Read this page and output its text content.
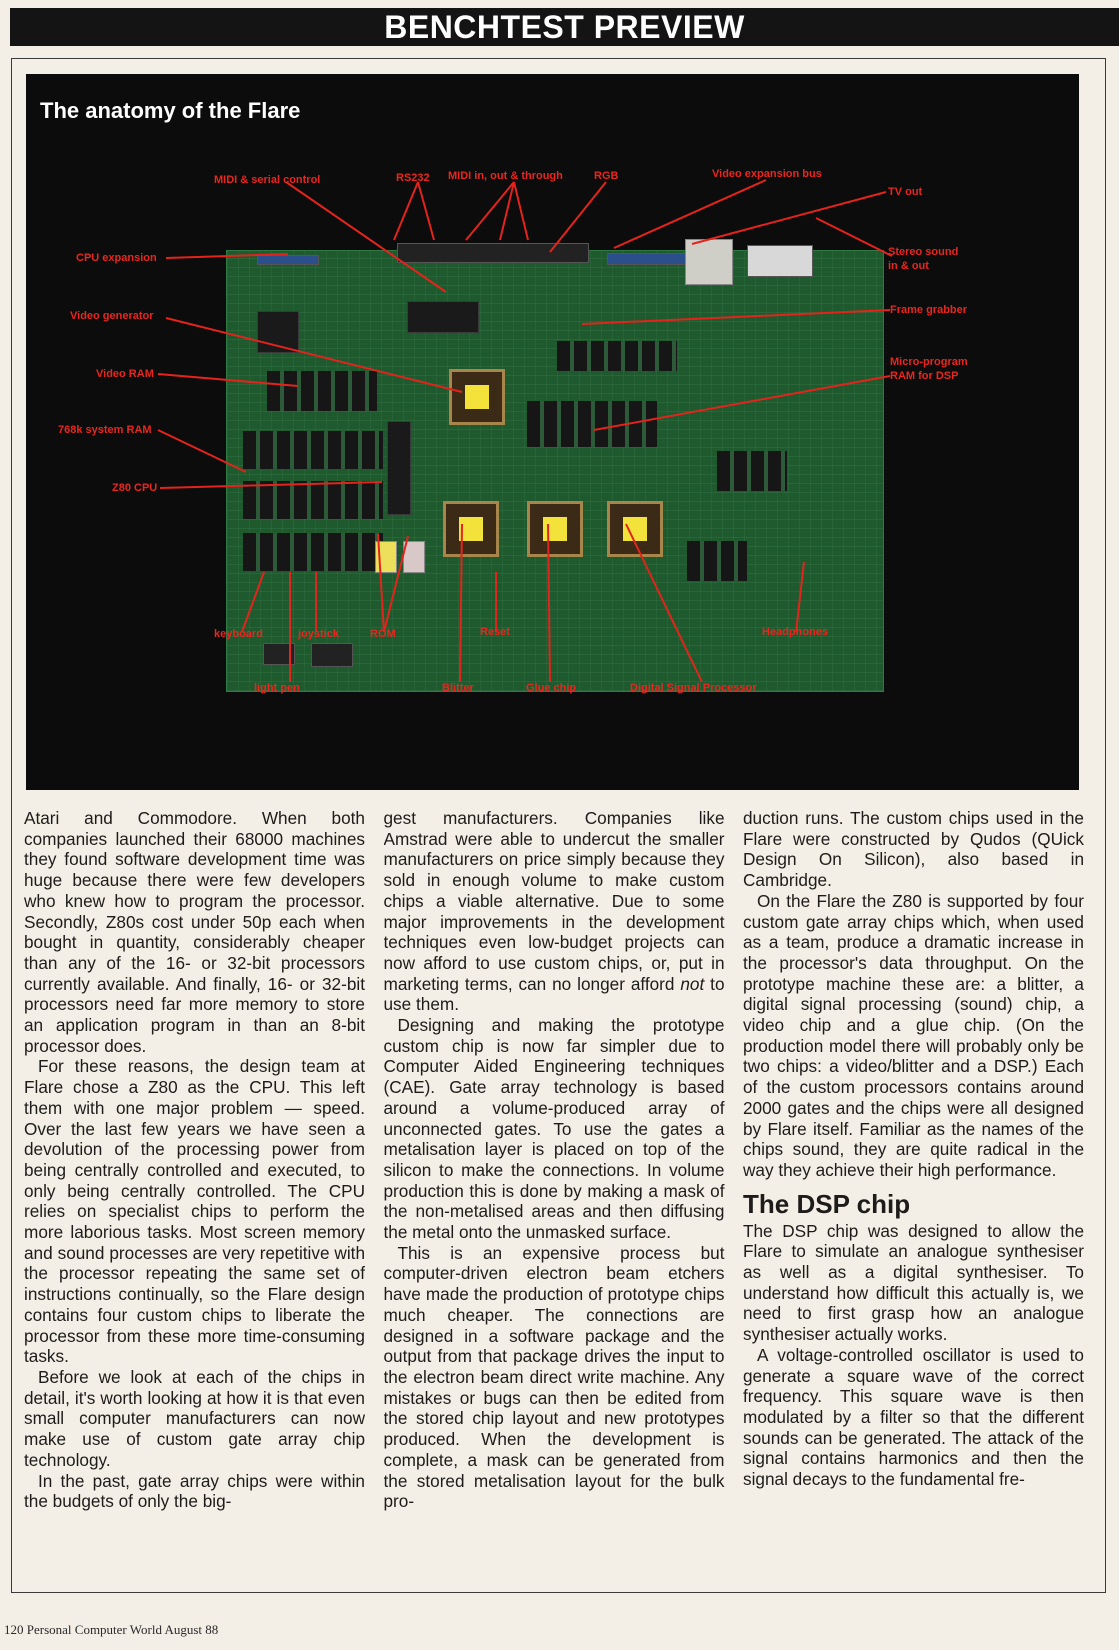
BENCHTEST PREVIEW
The anatomy of the Flare
MIDI & serial control	RS232 MIDI in, out & through	RGB	Video expansion bus
TV out
CPU expansion	Stereo sound
in & out
Video generator	Frame grabber
Video RAM
Micro-program
RAM for DSP
768k system RAM
Z80 CPU
keyboard	joystick	ROM	Reset	Headphones
light pen	Blitter	Glue chip	Digital Signal Processor

Atari and Commodore. When both companies launched their 68000 machines they found software development time was huge because there were few developers who knew how to program the processor. Secondly, Z80s cost under 50p each when bought in quantity, considerably cheaper than any of the 16- or 32-bit processors currently available. And finally, 16- or 32-bit processors need far more memory to store an application program in than an 8-bit processor does.

For these reasons, the design team at Flare chose a Z80 as the CPU. This left them with one major problem — speed. Over the last few years we have seen a devolution of the processing power from being centrally controlled and executed, to only being centrally controlled. The CPU relies on specialist chips to perform the more laborious tasks. Most screen memory and sound processes are very repetitive with the processor repeating the same set of instructions continually, so the Flare design contains four custom chips to liberate the processor from these more time-consuming tasks.

Before we look at each of the chips in detail, it's worth looking at how it is that even small computer manufacturers can now make use of custom gate array chip technology.

In the past, gate array chips were within the budgets of only the big-

gest manufacturers. Companies like Amstrad were able to undercut the smaller manufacturers on price simply because they sold in enough volume to make custom chips a viable alternative. Due to some major improvements in the development techniques even low-budget projects can now afford to use custom chips, or, put in marketing terms, can no longer afford not to use them.

Designing and making the prototype custom chip is now far simpler due to Computer Aided Engineering techniques (CAE). Gate array technology is based around a volume-produced array of unconnected gates. To use the gates a metalisation layer is placed on top of the silicon to make the connections. In volume production this is done by making a mask of the non-metalised areas and then diffusing the metal onto the unmasked surface.

This is an expensive process but computer-driven electron beam etchers have made the production of prototype chips much cheaper. The connections are designed in a software package and the output from that package drives the input to the electron beam direct write machine. Any mistakes or bugs can then be edited from the stored chip layout and new prototypes produced. When the development is complete, a mask can be generated from the stored metalisation layout for the bulk pro-

duction runs. The custom chips used in the Flare were constructed by Qudos (QUick Design On Silicon), also based in Cambridge.

On the Flare the Z80 is supported by four custom gate array chips which, when used as a team, produce a dramatic increase in the processor's data throughput. On the prototype machine these are: a blitter, a digital signal processing (sound) chip, a video chip and a glue chip. (On the production model there will probably only be two chips: a video/blitter and a DSP.) Each of the custom processors contains around 2000 gates and the chips were all designed by Flare itself. Familiar as the names of the chips sound, they are quite radical in the way they achieve their high performance.

The DSP chip

The DSP chip was designed to allow the Flare to simulate an analogue synthesiser as well as a digital synthesiser. To understand how difficult this actually is, we need to first grasp how an analogue synthesiser actually works.

A voltage-controlled oscillator is used to generate a square wave of the correct frequency. This square wave is then modulated by a filter so that the different sounds can be generated. The attack of the signal contains harmonics and then the signal decays to the fundamental fre-

120 Personal Computer World August 88
